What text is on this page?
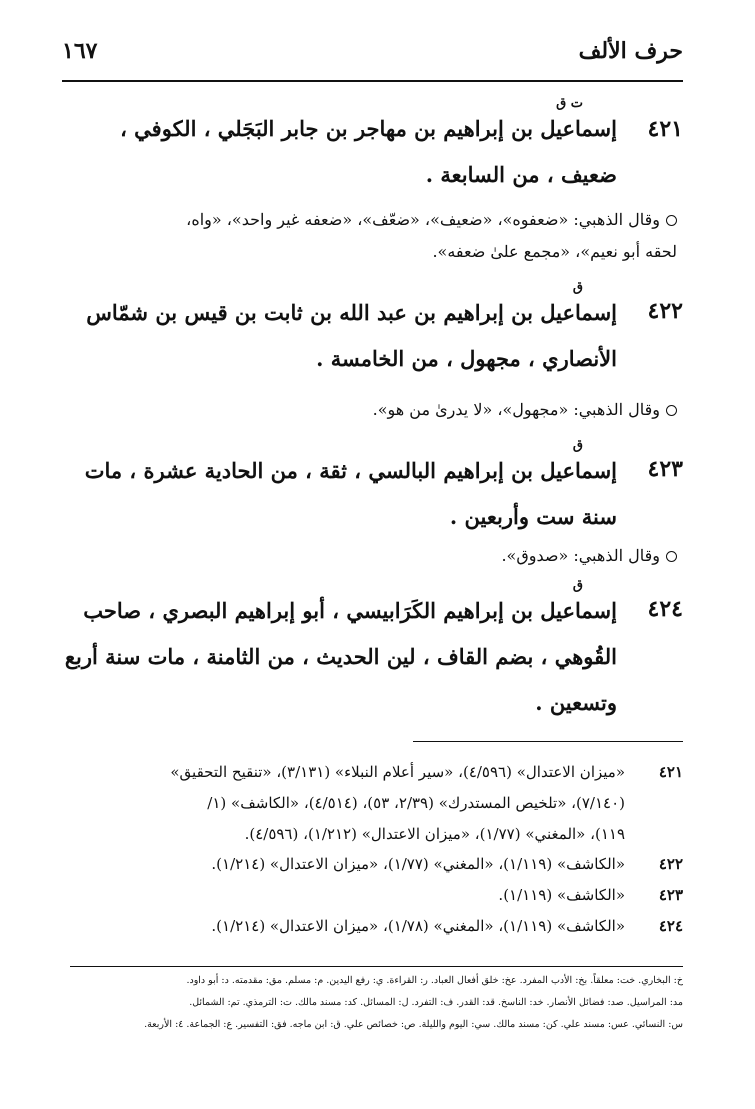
حرف الألف
١٦٧
٤٢١
ت ق
إسماعيل بن إبراهيم بن مهاجر بن جابر البَجَلي ، الكوفي ،
ضعيف ، من السابعة .
وقال الذهبي: «ضعفوه»، «ضعيف»، «ضعّف»، «ضعفه غير واحد»، «واه،
لحقه أبو نعيم»، «مجمع علىٰ ضعفه».
٤٢٢
ق
إسماعيل بن إبراهيم بن عبد الله بن ثابت بن قيس بن شمّاس
الأنصاري ، مجهول ، من الخامسة .
وقال الذهبي: «مجهول»، «لا يدرىٰ من هو».
٤٢٣
ق
إسماعيل بن إبراهيم البالسي ، ثقة ، من الحادية عشرة ، مات
سنة ست وأربعين .
وقال الذهبي: «صدوق».
٤٢٤
ق
إسماعيل بن إبراهيم الكَرَابيسي ، أبو إبراهيم البصري ، صاحب
القُوهي ، بضم القاف ، لين الحديث ، من الثامنة ، مات سنة أربع
وتسعين .
٤٢١
«ميزان الاعتدال» (٤/٥٩٦)، «سير أعلام النبلاء» (٣/١٣١)، «تنقيح التحقيق»
(٧/١٤٠)، «تلخيص المستدرك» (٢/٣٩، ٥٣)، (٤/٥١٤)، «الكاشف» (١/
١١٩)، «المغني» (١/٧٧)، «ميزان الاعتدال» (١/٢١٢)، (٤/٥٩٦).
٤٢٢
«الكاشف» (١/١١٩)، «المغني» (١/٧٧)، «ميزان الاعتدال» (١/٢١٤).
٤٢٣
«الكاشف» (١/١١٩).
٤٢٤
«الكاشف» (١/١١٩)، «المغني» (١/٧٨)، «ميزان الاعتدال» (١/٢١٤).
خ: البخاري. خت: معلقاً. بخ: الأدب المفرد. عخ: خلق أفعال العباد. ر: القراءة. ي: رفع اليدين. م: مسلم. مق: مقدمته. د: أبو داود.
مد: المراسيل. صد: فضائل الأنصار. خد: الناسخ. قد: القدر. ف: التفرد. ل: المسائل. كد: مسند مالك. ت: الترمذي. تم: الشمائل.
س: النسائي. عس: مسند علي. كن: مسند مالك. سي: اليوم والليلة. ص: خصائص علي. ق: ابن ماجه. فق: التفسير. ع: الجماعة. ٤: الأربعة.
